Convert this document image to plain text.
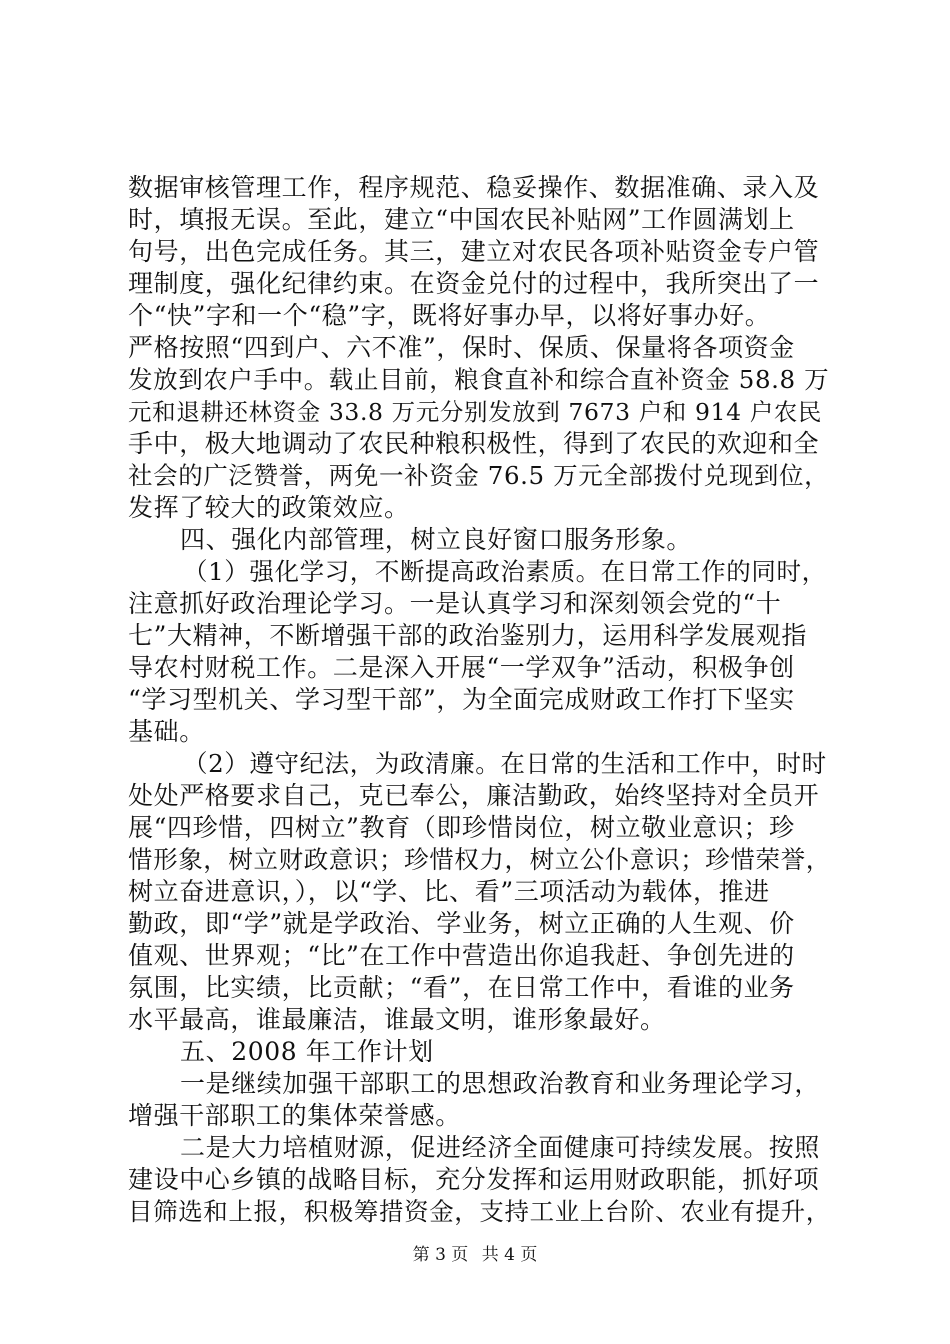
数据审核管理工作，程序规范、稳妥操作、数据准确、录入及
时，填报无误。至此，建立“中国农民补贴网”工作圆满划上
句号，出色完成任务。其三，建立对农民各项补贴资金专户管
理制度，强化纪律约束。在资金兑付的过程中，我所突出了一
个“快”字和一个“稳”字，既将好事办早，以将好事办好。
严格按照“四到户、六不准”，保时、保质、保量将各项资金
发放到农户手中。载止目前，粮食直补和综合直补资金 58.8 万
元和退耕还林资金 33.8 万元分别发放到 7673 户和 914 户农民
手中，极大地调动了农民种粮积极性，得到了农民的欢迎和全
社会的广泛赞誉，两免一补资金 76.5 万元全部拨付兑现到位，
发挥了较大的政策效应。
四、强化内部管理，树立良好窗口服务形象。
（1）强化学习，不断提高政治素质。在日常工作的同时，
注意抓好政治理论学习。一是认真学习和深刻领会党的“十
七”大精神，不断增强干部的政治鉴别力，运用科学发展观指
导农村财税工作。二是深入开展“一学双争”活动，积极争创
“学习型机关、学习型干部”，为全面完成财政工作打下坚实
基础。
（2）遵守纪法，为政清廉。在日常的生活和工作中，时时
处处严格要求自己，克已奉公，廉洁勤政，始终坚持对全员开
展“四珍惜，四树立”教育（即珍惜岗位，树立敬业意识；珍
惜形象，树立财政意识；珍惜权力，树立公仆意识；珍惜荣誉，
树立奋进意识，），以“学、比、看”三项活动为载体，推进
勤政，即“学”就是学政治、学业务，树立正确的人生观、价
值观、世界观；“比”在工作中营造出你追我赶、争创先进的
氛围，比实绩，比贡献；“看”，在日常工作中，看谁的业务
水平最高，谁最廉洁，谁最文明，谁形象最好。
五、2008 年工作计划
一是继续加强干部职工的思想政治教育和业务理论学习，
增强干部职工的集体荣誉感。
二是大力培植财源，促进经济全面健康可持续发展。按照
建设中心乡镇的战略目标，充分发挥和运用财政职能，抓好项
目筛选和上报，积极筹措资金，支持工业上台阶、农业有提升，
第 3 页 共 4 页
